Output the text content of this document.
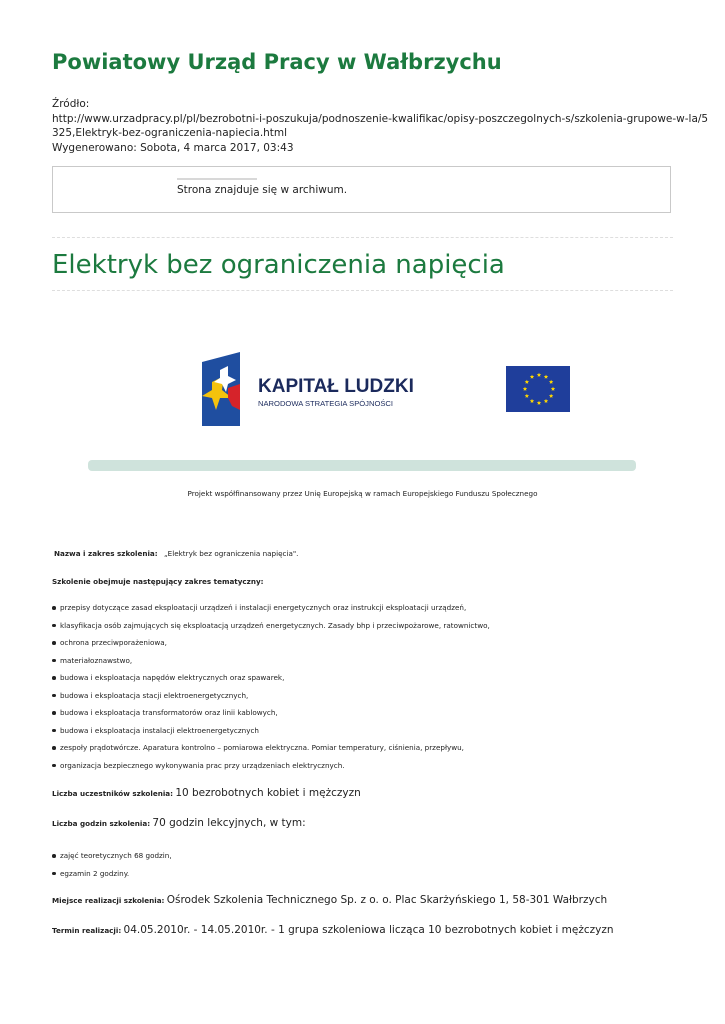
Powiatowy Urząd Pracy w Wałbrzychu
Źródło:
http://www.urzadpracy.pl/pl/bezrobotni-i-poszukuja/podnoszenie-kwalifikac/opisy-poszczegolnych-s/szkolenia-grupowe-w-la/5
325,Elektryk-bez-ograniczenia-napiecia.html
Wygenerowano: Sobota, 4 marca 2017, 03:43
Strona znajduje się w archiwum.
Elektryk bez ograniczenia napięcia
KAPITAŁ LUDZKI
NARODOWA STRATEGIA SPÓJNOŚCI
Projekt współfinansowany przez Unię Europejską w ramach Europejskiego Funduszu Społecznego
Nazwa i zakres szkolenia: „Elektryk bez ograniczenia napięcia".
Szkolenie obejmuje następujący zakres tematyczny:
przepisy dotyczące zasad eksploatacji urządzeń i instalacji energetycznych oraz instrukcji eksploatacji urządzeń,
klasyfikacja osób zajmujących się eksploatacją urządzeń energetycznych. Zasady bhp i przeciwpożarowe, ratownictwo,
ochrona przeciwporażeniowa,
materiałoznawstwo,
budowa i eksploatacja napędów elektrycznych oraz spawarek,
budowa i eksploatacja stacji elektroenergetycznych,
budowa i eksploatacja transformatorów oraz linii kablowych,
budowa i eksploatacja instalacji elektroenergetycznych
zespoły prądotwórcze. Aparatura kontrolno – pomiarowa elektryczna. Pomiar temperatury, ciśnienia, przepływu,
organizacja bezpiecznego wykonywania prac przy urządzeniach elektrycznych.
Liczba uczestników szkolenia: 10 bezrobotnych kobiet i mężczyzn
Liczba godzin szkolenia: 70 godzin lekcyjnych, w tym:
zajęć teoretycznych 68 godzin,
egzamin 2 godziny.
Miejsce realizacji szkolenia: Ośrodek Szkolenia Technicznego Sp. z o. o. Plac Skarżyńskiego 1, 58-301 Wałbrzych
Termin realizacji: 04.05.2010r. - 14.05.2010r. - 1 grupa szkoleniowa licząca 10 bezrobotnych kobiet i mężczyzn
